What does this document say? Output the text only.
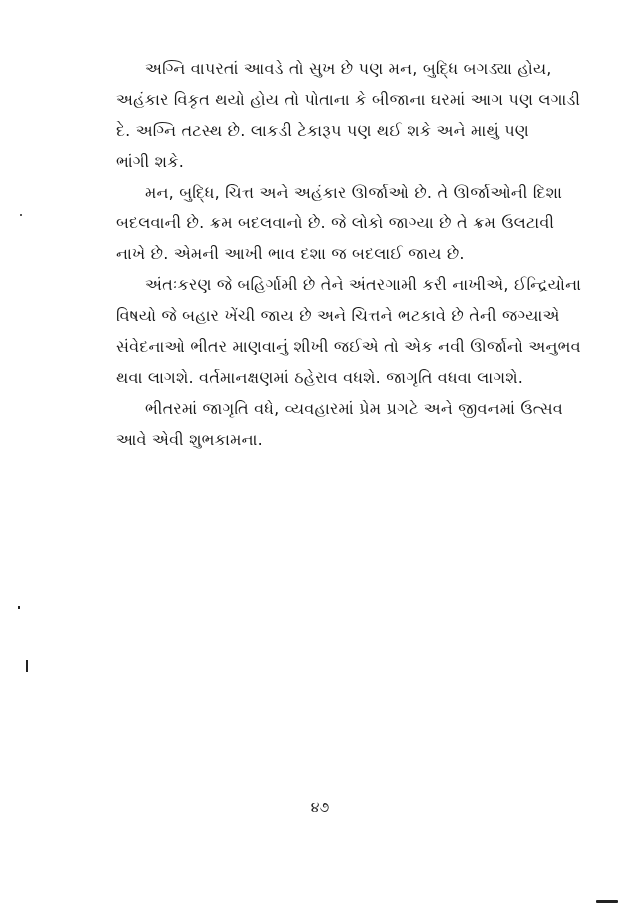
અગ્નિ વાપરતાં આવડે તો સુખ છે પણ મન, બુદ્ધિ બગડ્યા હોય,
અહંકાર વિકૃત થયો હોય તો પોતાના કે બીજાના ઘરમાં આગ પણ લગાડી
દે. અગ્નિ તટસ્થ છે. લાકડી ટેકારૂપ પણ થઈ શકે અને માથું પણ
ભાંગી શકે.
મન, બુદ્ધિ, ચિત્ત અને અહંકાર ઊર્જાઓ છે. તે ઊર્જાઓની દિશા
બદલવાની છે. ક્રમ બદલવાનો છે. જે લોકો જાગ્યા છે તે ક્રમ ઉલટાવી
નાખે છે. એમની આખી ભાવ દશા જ બદલાઈ જાય છે.
અંતઃકરણ જે બહિર્ગામી છે તેને અંતરગામી કરી નાખીએ, ઈન્દ્રિયોના
વિષયો જે બહાર ખેંચી જાય છે અને ચિત્તને ભટકાવે છે તેની જગ્યાએ
સંવેદનાઓ ભીતર માણવાનું શીખી જઈએ તો એક નવી ઊર્જાનો અનુભવ
થવા લાગશે. વર્તમાનક્ષણમાં ઠહેરાવ વધશે. જાગૃતિ વધવા લાગશે.
ભીતરમાં જાગૃતિ વધે, વ્યવહારમાં પ્રેમ પ્રગટે અને જીવનમાં ઉત્સવ
આવે એવી શુભકામના.
૪૭
